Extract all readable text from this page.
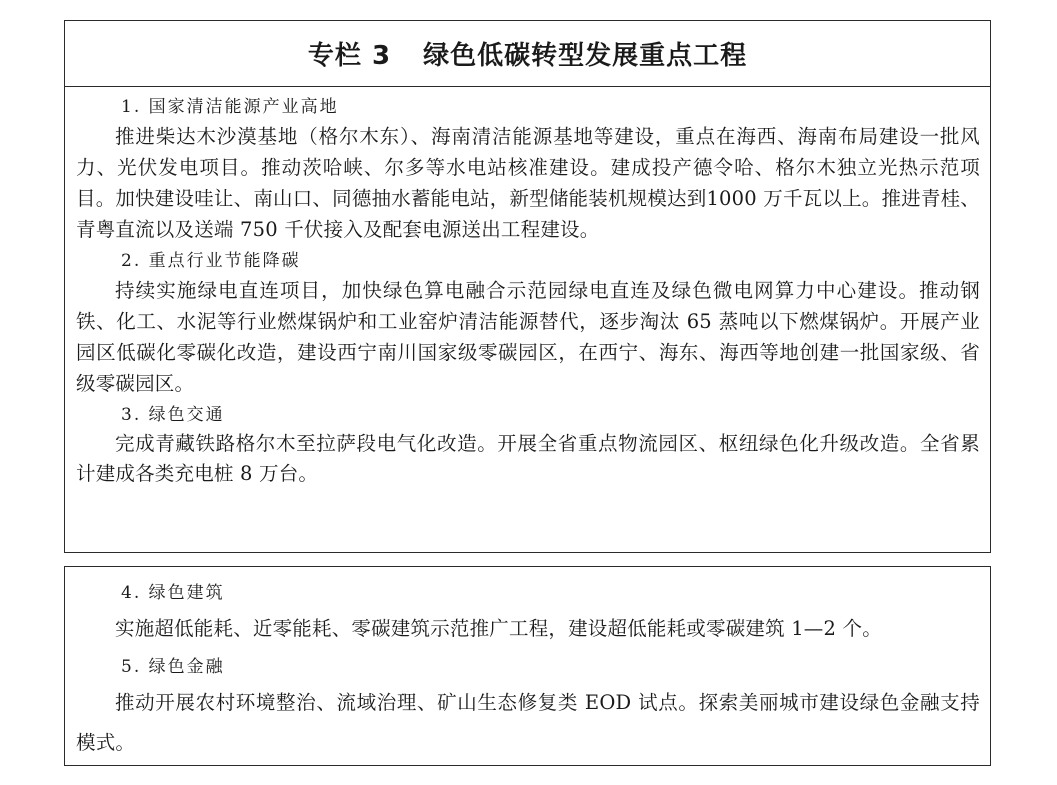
专栏 3 绿色低碳转型发展重点工程
1. 国家清洁能源产业高地

推进柴达木沙漠基地（格尔木东）、海南清洁能源基地等建设，重点在海西、海南布局建设一批风力、光伏发电项目。推动茨哈峡、尔多等水电站核准建设。建成投产德令哈、格尔木独立光热示范项目。加快建设哇让、南山口、同德抽水蓄能电站，新型储能装机规模达到1000 万千瓦以上。推进青桂、青粤直流以及送端 750 千伏接入及配套电源送出工程建设。

2. 重点行业节能降碳

持续实施绿电直连项目，加快绿色算电融合示范园绿电直连及绿色微电网算力中心建设。推动钢铁、化工、水泥等行业燃煤锅炉和工业窑炉清洁能源替代，逐步淘汰 65 蒸吨以下燃煤锅炉。开展产业园区低碳化零碳化改造，建设西宁南川国家级零碳园区，在西宁、海东、海西等地创建一批国家级、省级零碳园区。

3. 绿色交通

完成青藏铁路格尔木至拉萨段电气化改造。开展全省重点物流园区、枢纽绿色化升级改造。全省累计建成各类充电桩 8 万台。

4. 绿色建筑

实施超低能耗、近零能耗、零碳建筑示范推广工程，建设超低能耗或零碳建筑 1—2 个。

5. 绿色金融

推动开展农村环境整治、流域治理、矿山生态修复类 EOD 试点。探索美丽城市建设绿色金融支持模式。
